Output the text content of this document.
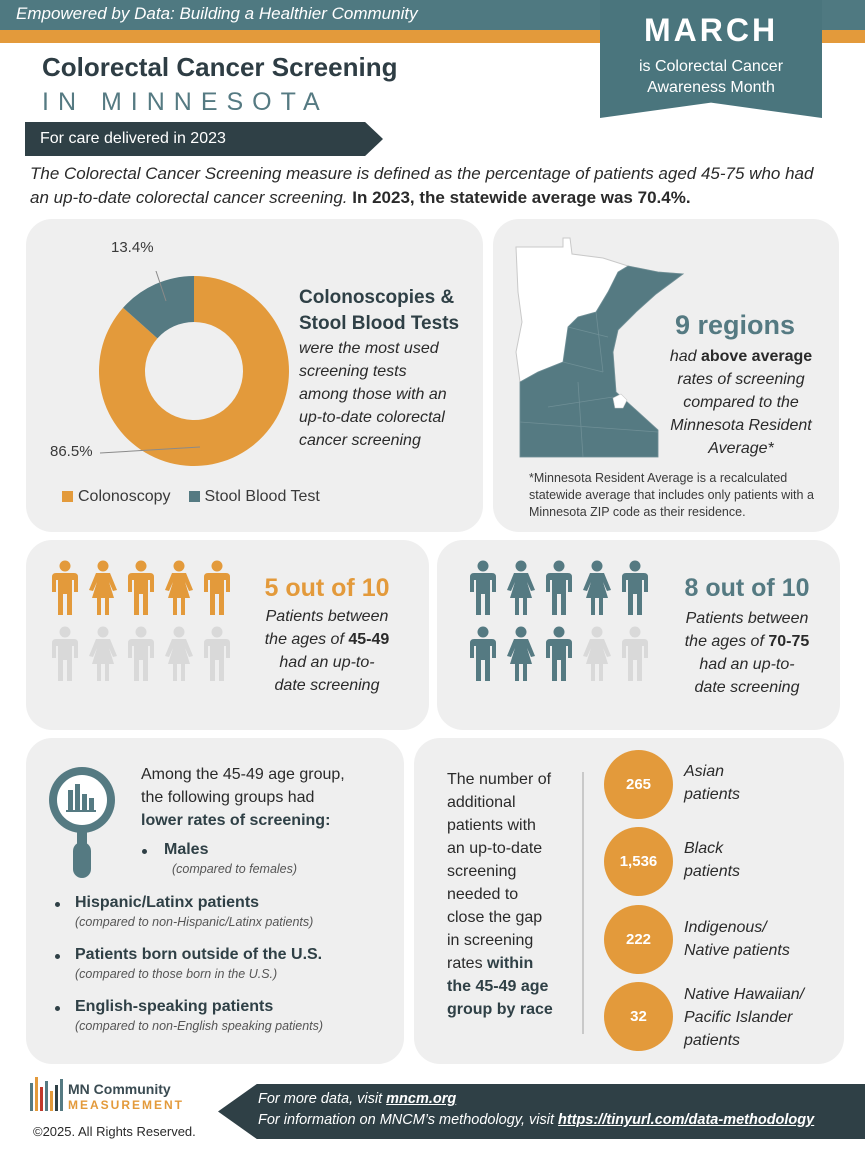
Empowered by Data: Building a Healthier Community	MARCH
is Colorectal Cancer
Awareness Month
Colorectal Cancer Screening
IN MINNESOTA
For care delivered in 2023
The Colorectal Cancer Screening measure is defined as the percentage of patients aged 45-75 who had an up-to-date colorectal cancer screening. In 2023, the statewide average was 70.4%.
13.4%
86.5%
Colonoscopies &
Stool Blood Tests
were the most used
screening tests
among those with an
up-to-date colorectal
cancer screening
Colonoscopy	Stool Blood Test
9 regions
had above average
rates of screening
compared to the
Minnesota Resident
Average*
*Minnesota Resident Average is a recalculated statewide average that includes only patients with a Minnesota ZIP code as their residence.
5 out of 10
Patients between
the ages of 45-49
had an up-to-
date screening
8 out of 10
Patients between
the ages of 70-75
had an up-to-
date screening
Among the 45-49 age group,
the following groups had
lower rates of screening:
Males
(compared to females)
Hispanic/Latinx patients
(compared to non-Hispanic/Latinx patients)
Patients born outside of the U.S.
(compared to those born in the U.S.)
English-speaking patients
(compared to non-English speaking patients)
The number of
additional
patients with
an up-to-date
screening
needed to
close the gap
in screening
rates within
the 45-49 age
group by race
265
Asian
patients
1,536
Black
patients
222
Indigenous/
Native patients
32
Native Hawaiian/
Pacific Islander
patients
MN Community
MEASUREMENT
©2025. All Rights Reserved.
For more data, visit mncm.org
For information on MNCM’s methodology, visit https://tinyurl.com/data-methodology
